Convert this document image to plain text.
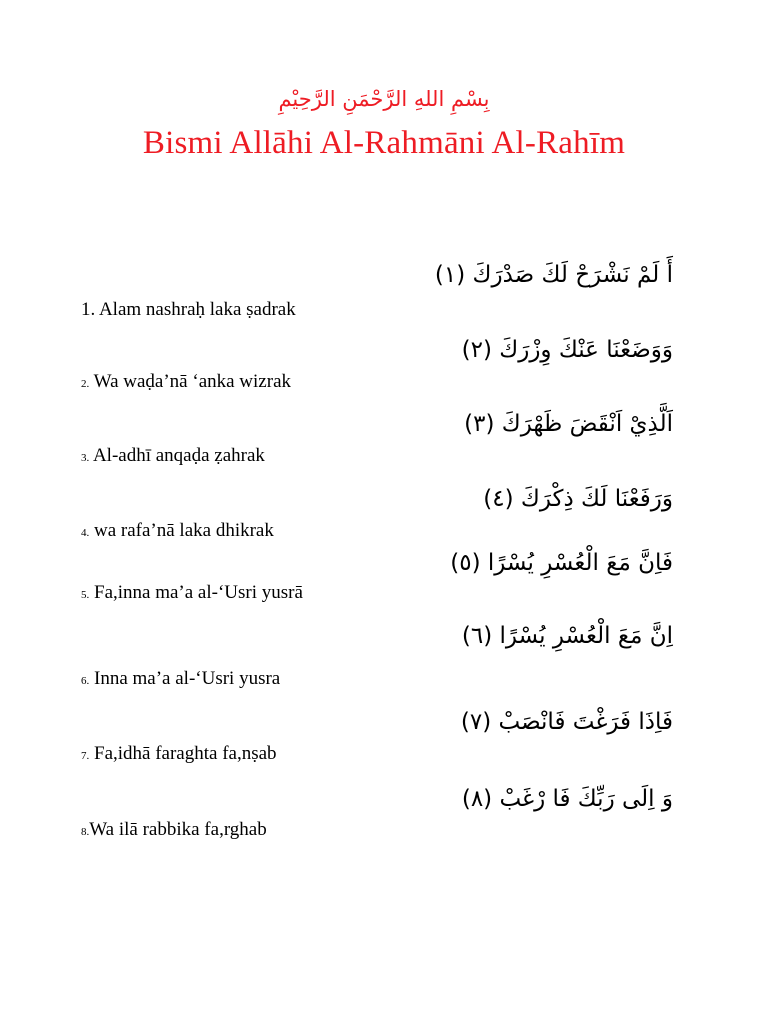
بِسْمِ اللهِ الرَّحْمَنِ الرَّحِيْمِ
Bismi Allāhi Al-Rahmāni Al-Rahīm
أَ لَمْ نَشْرَحْ لَكَ صَدْرَكَ (١)
1. Alam nashraḥ laka ṣadrak
وَوَضَعْنَا عَنْكَ وِزْرَكَ (٢)
2. Wa waḍa’nā ‘anka wizrak
اَلَّذِيْ اَنْقَضَ ظَهْرَكَ (٣)
3. Al-adhī anqaḍa ẓahrak
وَرَفَعْنَا لَكَ ذِكْرَكَ (٤)
4. wa rafa’nā laka dhikrak
فَاِنَّ مَعَ الْعُسْرِ يُسْرًا (٥)
5. Fa,inna ma’a al-‘Usri yusrā
اِنَّ مَعَ الْعُسْرِ يُسْرًا (٦)
6. Inna ma’a al-‘Usri yusra
فَاِذَا فَرَغْتَ فَانْصَبْ (٧)
7. Fa,idhā faraghta fa,nṣab
وَ اِلَى رَبِّكَ فَا رْغَبْ (٨)
8.Wa ilā rabbika fa,rghab
